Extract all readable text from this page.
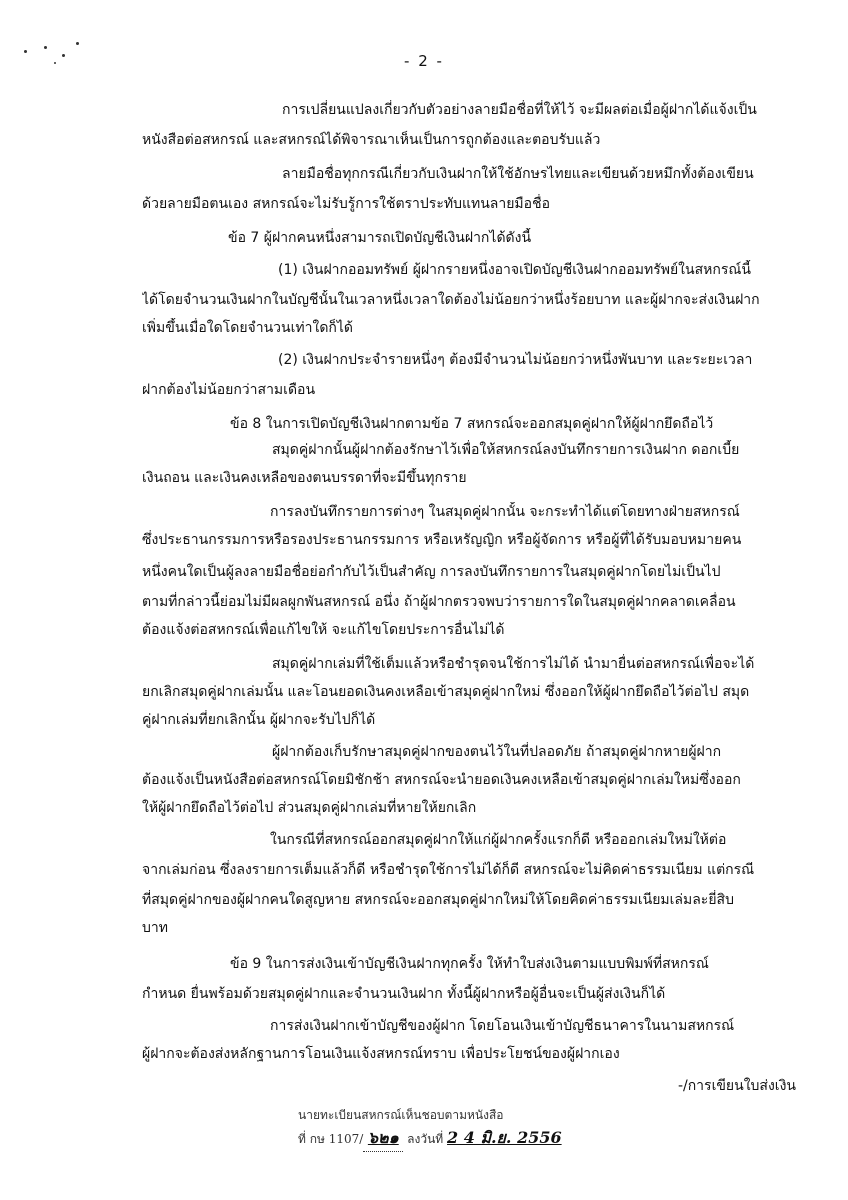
- 2 -
การเปลี่ยนแปลงเกี่ยวกับตัวอย่างลายมือชื่อที่ให้ไว้ จะมีผลต่อเมื่อผู้ฝากได้แจ้งเป็น
หนังสือต่อสหกรณ์ และสหกรณ์ได้พิจารณาเห็นเป็นการถูกต้องและตอบรับแล้ว
ลายมือชื่อทุกกรณีเกี่ยวกับเงินฝากให้ใช้อักษรไทยและเขียนด้วยหมึกทั้งต้องเขียน
ด้วยลายมือตนเอง สหกรณ์จะไม่รับรู้การใช้ตราประทับแทนลายมือชื่อ
ข้อ 7 ผู้ฝากคนหนึ่งสามารถเปิดบัญชีเงินฝากได้ดังนี้
(1) เงินฝากออมทรัพย์ ผู้ฝากรายหนึ่งอาจเปิดบัญชีเงินฝากออมทรัพย์ในสหกรณ์นี้
ได้โดยจำนวนเงินฝากในบัญชีนั้นในเวลาหนึ่งเวลาใดต้องไม่น้อยกว่าหนึ่งร้อยบาท และผู้ฝากจะส่งเงินฝาก
เพิ่มขึ้นเมื่อใดโดยจำนวนเท่าใดก็ได้
(2) เงินฝากประจำรายหนึ่งๆ ต้องมีจำนวนไม่น้อยกว่าหนึ่งพันบาท และระยะเวลา
ฝากต้องไม่น้อยกว่าสามเดือน
ข้อ 8 ในการเปิดบัญชีเงินฝากตามข้อ 7 สหกรณ์จะออกสมุดคู่ฝากให้ผู้ฝากยึดถือไว้
สมุดคู่ฝากนั้นผู้ฝากต้องรักษาไว้เพื่อให้สหกรณ์ลงบันทึกรายการเงินฝาก ดอกเบี้ย
เงินถอน และเงินคงเหลือของตนบรรดาที่จะมีขึ้นทุกราย
การลงบันทึกรายการต่างๆ ในสมุดคู่ฝากนั้น จะกระทำได้แต่โดยทางฝ่ายสหกรณ์
ซึ่งประธานกรรมการหรือรองประธานกรรมการ หรือเหรัญญิก หรือผู้จัดการ หรือผู้ที่ได้รับมอบหมายคน
หนึ่งคนใดเป็นผู้ลงลายมือชื่อย่อกำกับไว้เป็นสำคัญ การลงบันทึกรายการในสมุดคู่ฝากโดยไม่เป็นไป
ตามที่กล่าวนี้ย่อมไม่มีผลผูกพันสหกรณ์ อนึ่ง ถ้าผู้ฝากตรวจพบว่ารายการใดในสมุดคู่ฝากคลาดเคลื่อน
ต้องแจ้งต่อสหกรณ์เพื่อแก้ไขให้ จะแก้ไขโดยประการอื่นไม่ได้
สมุดคู่ฝากเล่มที่ใช้เต็มแล้วหรือชำรุดจนใช้การไม่ได้ นำมายื่นต่อสหกรณ์เพื่อจะได้
ยกเลิกสมุดคู่ฝากเล่มนั้น และโอนยอดเงินคงเหลือเข้าสมุดคู่ฝากใหม่ ซึ่งออกให้ผู้ฝากยึดถือไว้ต่อไป สมุด
คู่ฝากเล่มที่ยกเลิกนั้น ผู้ฝากจะรับไปก็ได้
ผู้ฝากต้องเก็บรักษาสมุดคู่ฝากของตนไว้ในที่ปลอดภัย ถ้าสมุดคู่ฝากหายผู้ฝาก
ต้องแจ้งเป็นหนังสือต่อสหกรณ์โดยมิชักช้า สหกรณ์จะนำยอดเงินคงเหลือเข้าสมุดคู่ฝากเล่มใหม่ซึ่งออก
ให้ผู้ฝากยึดถือไว้ต่อไป ส่วนสมุดคู่ฝากเล่มที่หายให้ยกเลิก
ในกรณีที่สหกรณ์ออกสมุดคู่ฝากให้แก่ผู้ฝากครั้งแรกก็ดี หรือออกเล่มใหม่ให้ต่อ
จากเล่มก่อน ซึ่งลงรายการเต็มแล้วก็ดี หรือชำรุดใช้การไม่ได้ก็ดี สหกรณ์จะไม่คิดค่าธรรมเนียม แต่กรณี
ที่สมุดคู่ฝากของผู้ฝากคนใดสูญหาย สหกรณ์จะออกสมุดคู่ฝากใหม่ให้โดยคิดค่าธรรมเนียมเล่มละยี่สิบ
บาท
ข้อ 9 ในการส่งเงินเข้าบัญชีเงินฝากทุกครั้ง ให้ทำใบส่งเงินตามแบบพิมพ์ที่สหกรณ์
กำหนด ยื่นพร้อมด้วยสมุดคู่ฝากและจำนวนเงินฝาก ทั้งนี้ผู้ฝากหรือผู้อื่นจะเป็นผู้ส่งเงินก็ได้
การส่งเงินฝากเข้าบัญชีของผู้ฝาก โดยโอนเงินเข้าบัญชีธนาคารในนามสหกรณ์
ผู้ฝากจะต้องส่งหลักฐานการโอนเงินแจ้งสหกรณ์ทราบ เพื่อประโยชน์ของผู้ฝากเอง
-/การเขียนใบส่งเงิน
นายทะเบียนสหกรณ์เห็นชอบตามหนังสือ
ที่ กษ 1107/ ๖๒๑ ลงวันที่ 2 4 มิ.ย. 2556
